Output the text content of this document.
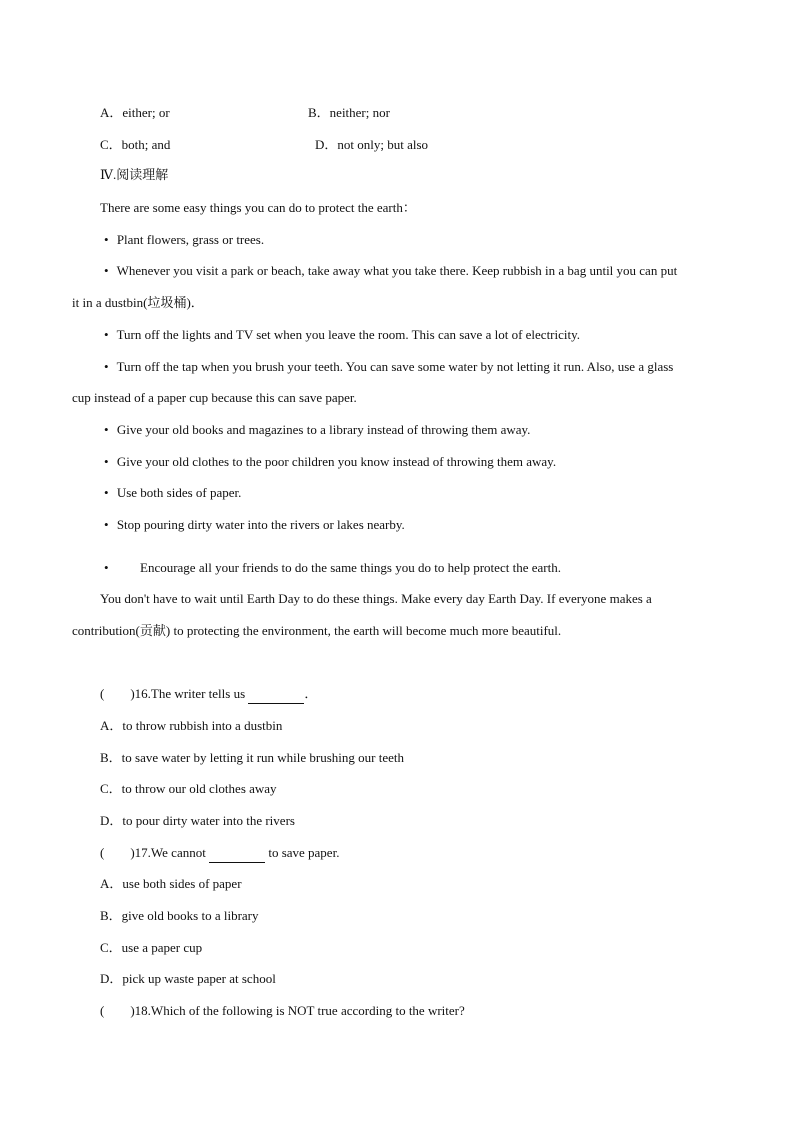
A．either; or	B．neither; nor
C．both; and	D．not only; but also
Ⅳ.阅读理解
There are some easy things you can do to protect the earth：
• Plant flowers, grass or trees.
• Whenever you visit a park or beach, take away what you take there. Keep rubbish in a bag until you can put
it in a dustbin(垃圾桶)．
• Turn off the lights and TV set when you leave the room. This can save a lot of electricity.
• Turn off the tap when you brush your teeth. You can save some water by not letting it run. Also, use a glass
cup instead of a paper cup because this can save paper.
• Give your old books and magazines to a library instead of throwing them away.
• Give your old clothes to the poor children you know instead of throwing them away.
• Use both sides of paper.
• Stop pouring dirty water into the rivers or lakes nearby.
•	Encourage all your friends to do the same things you do to help protect the earth.
You don't have to wait until Earth Day to do these things. Make every day Earth Day. If everyone makes a
contribution(贡献) to protecting the environment, the earth will become much more beautiful.
(        )16.The writer tells us	．
A．to throw rubbish into a dustbin
B．to save water by letting it run while brushing our teeth
C．to throw our old clothes away
D．to pour dirty water into the rivers
(        )17.We cannot	to save paper.
A．use both sides of paper
B．give old books to a library
C．use a paper cup
D．pick up waste paper at school
(        )18.Which of the following is NOT true according to the writer?
